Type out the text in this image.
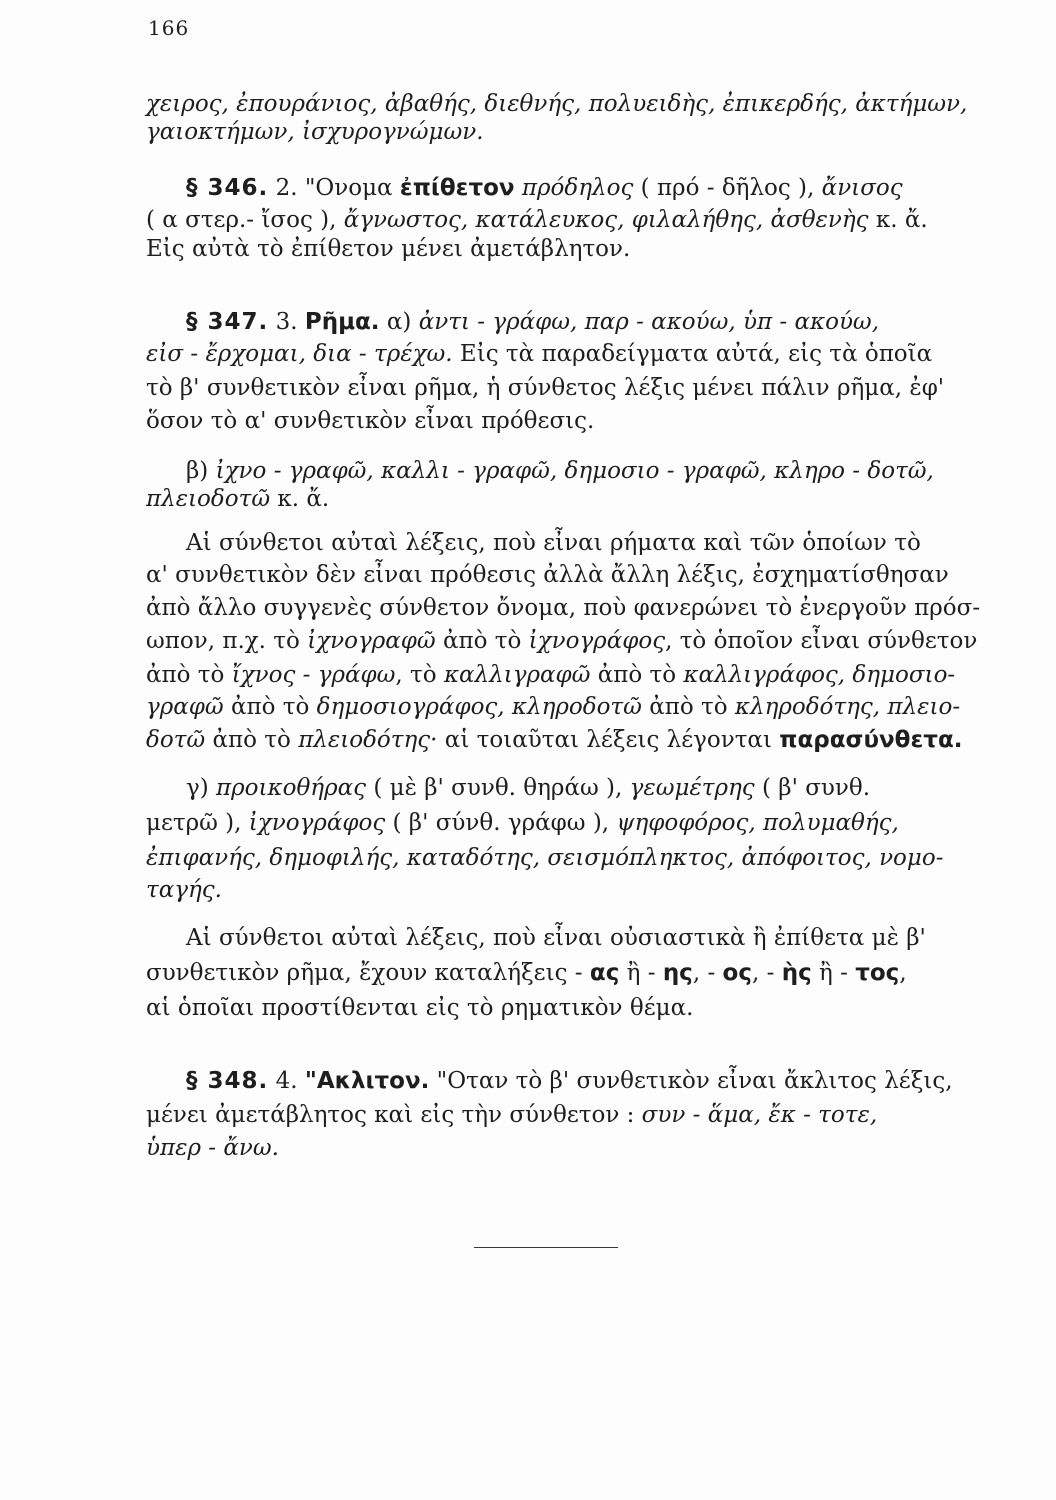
166
χειρος, ἐπουράνιος, ἀβαθής, διεθνής, πολυειδὴς, ἐπικερδής, ἀκτήμων,
γαιοκτήμων, ἰσχυρογνώμων.
§ 346. 2. "Ονομα ἐπίθετον πρόδηλος ( πρό - δῆλος ), ἄνισος
( α στερ.- ἴσος ), ἄγνωστος, κατάλευκος, φιλαλήθης, ἀσθενὴς κ. ἄ.
Εἰς αὐτὰ τὸ ἐπίθετον μένει ἀμετάβλητον.
§ 347. 3. Ρῆμα. α) ἀντι - γράφω, παρ - ακούω, ὑπ - ακούω,
εἰσ - ἔρχομαι, δια - τρέχω. Εἰς τὰ παραδείγματα αὐτά, εἰς τὰ ὁποῖα
τὸ β' συνθετικὸν εἶναι ρῆμα, ἡ σύνθετος λέξις μένει πάλιν ρῆμα, ἐφ'
ὅσον τὸ α' συνθετικὸν εἶναι πρόθεσις.
β) ἰχνο - γραφῶ, καλλι - γραφῶ, δημοσιο - γραφῶ, κληρο - δοτῶ,
πλειοδοτῶ κ. ἄ.
Αἱ σύνθετοι αὐταὶ λέξεις, ποὺ εἶναι ρήματα καὶ τῶν ὁποίων τὸ
α' συνθετικὸν δὲν εἶναι πρόθεσις ἀλλὰ ἄλλη λέξις, ἐσχηματίσθησαν
ἀπὸ ἄλλο συγγενὲς σύνθετον ὄνομα, ποὺ φανερώνει τὸ ἐνεργοῦν πρόσ-
ωπον, π.χ. τὸ ἰχνογραφῶ ἀπὸ τὸ ἰχνογράφος, τὸ ὁποῖον εἶναι σύνθετον
ἀπὸ τὸ ἴχνος - γράφω, τὸ καλλιγραφῶ ἀπὸ τὸ καλλιγράφος, δημοσιο-
γραφῶ ἀπὸ τὸ δημοσιογράφος, κληροδοτῶ ἀπὸ τὸ κληροδότης, πλειο-
δοτῶ ἀπὸ τὸ πλειοδότης· αἱ τοιαῦται λέξεις λέγονται παρασύνθετα.
γ) προικοθήρας ( μὲ β' συνθ. θηράω ), γεωμέτρης ( β' συνθ.
μετρῶ ), ἰχνογράφος ( β' σύνθ. γράφω ), ψηφοφόρος, πολυμαθής,
ἐπιφανής, δημοφιλής, καταδότης, σεισμόπληκτος, ἀπόφοιτος, νομο-
ταγής.
Αἱ σύνθετοι αὐταὶ λέξεις, ποὺ εἶναι οὐσιαστικὰ ἢ ἐπίθετα μὲ β'
συνθετικὸν ρῆμα, ἔχουν καταλήξεις - ας ἢ - ης, - ος, - ὴς ἢ - τος,
αἱ ὁποῖαι προστίθενται εἰς τὸ ρηματικὸν θέμα.
§ 348. 4. "Ακλιτον. "Οταν τὸ β' συνθετικὸν εἶναι ἄκλιτος λέξις,
μένει ἀμετάβλητος καὶ εἰς τὴν σύνθετον : συν - ἅμα, ἔκ - τοτε,
ὑπερ - ἄνω.
